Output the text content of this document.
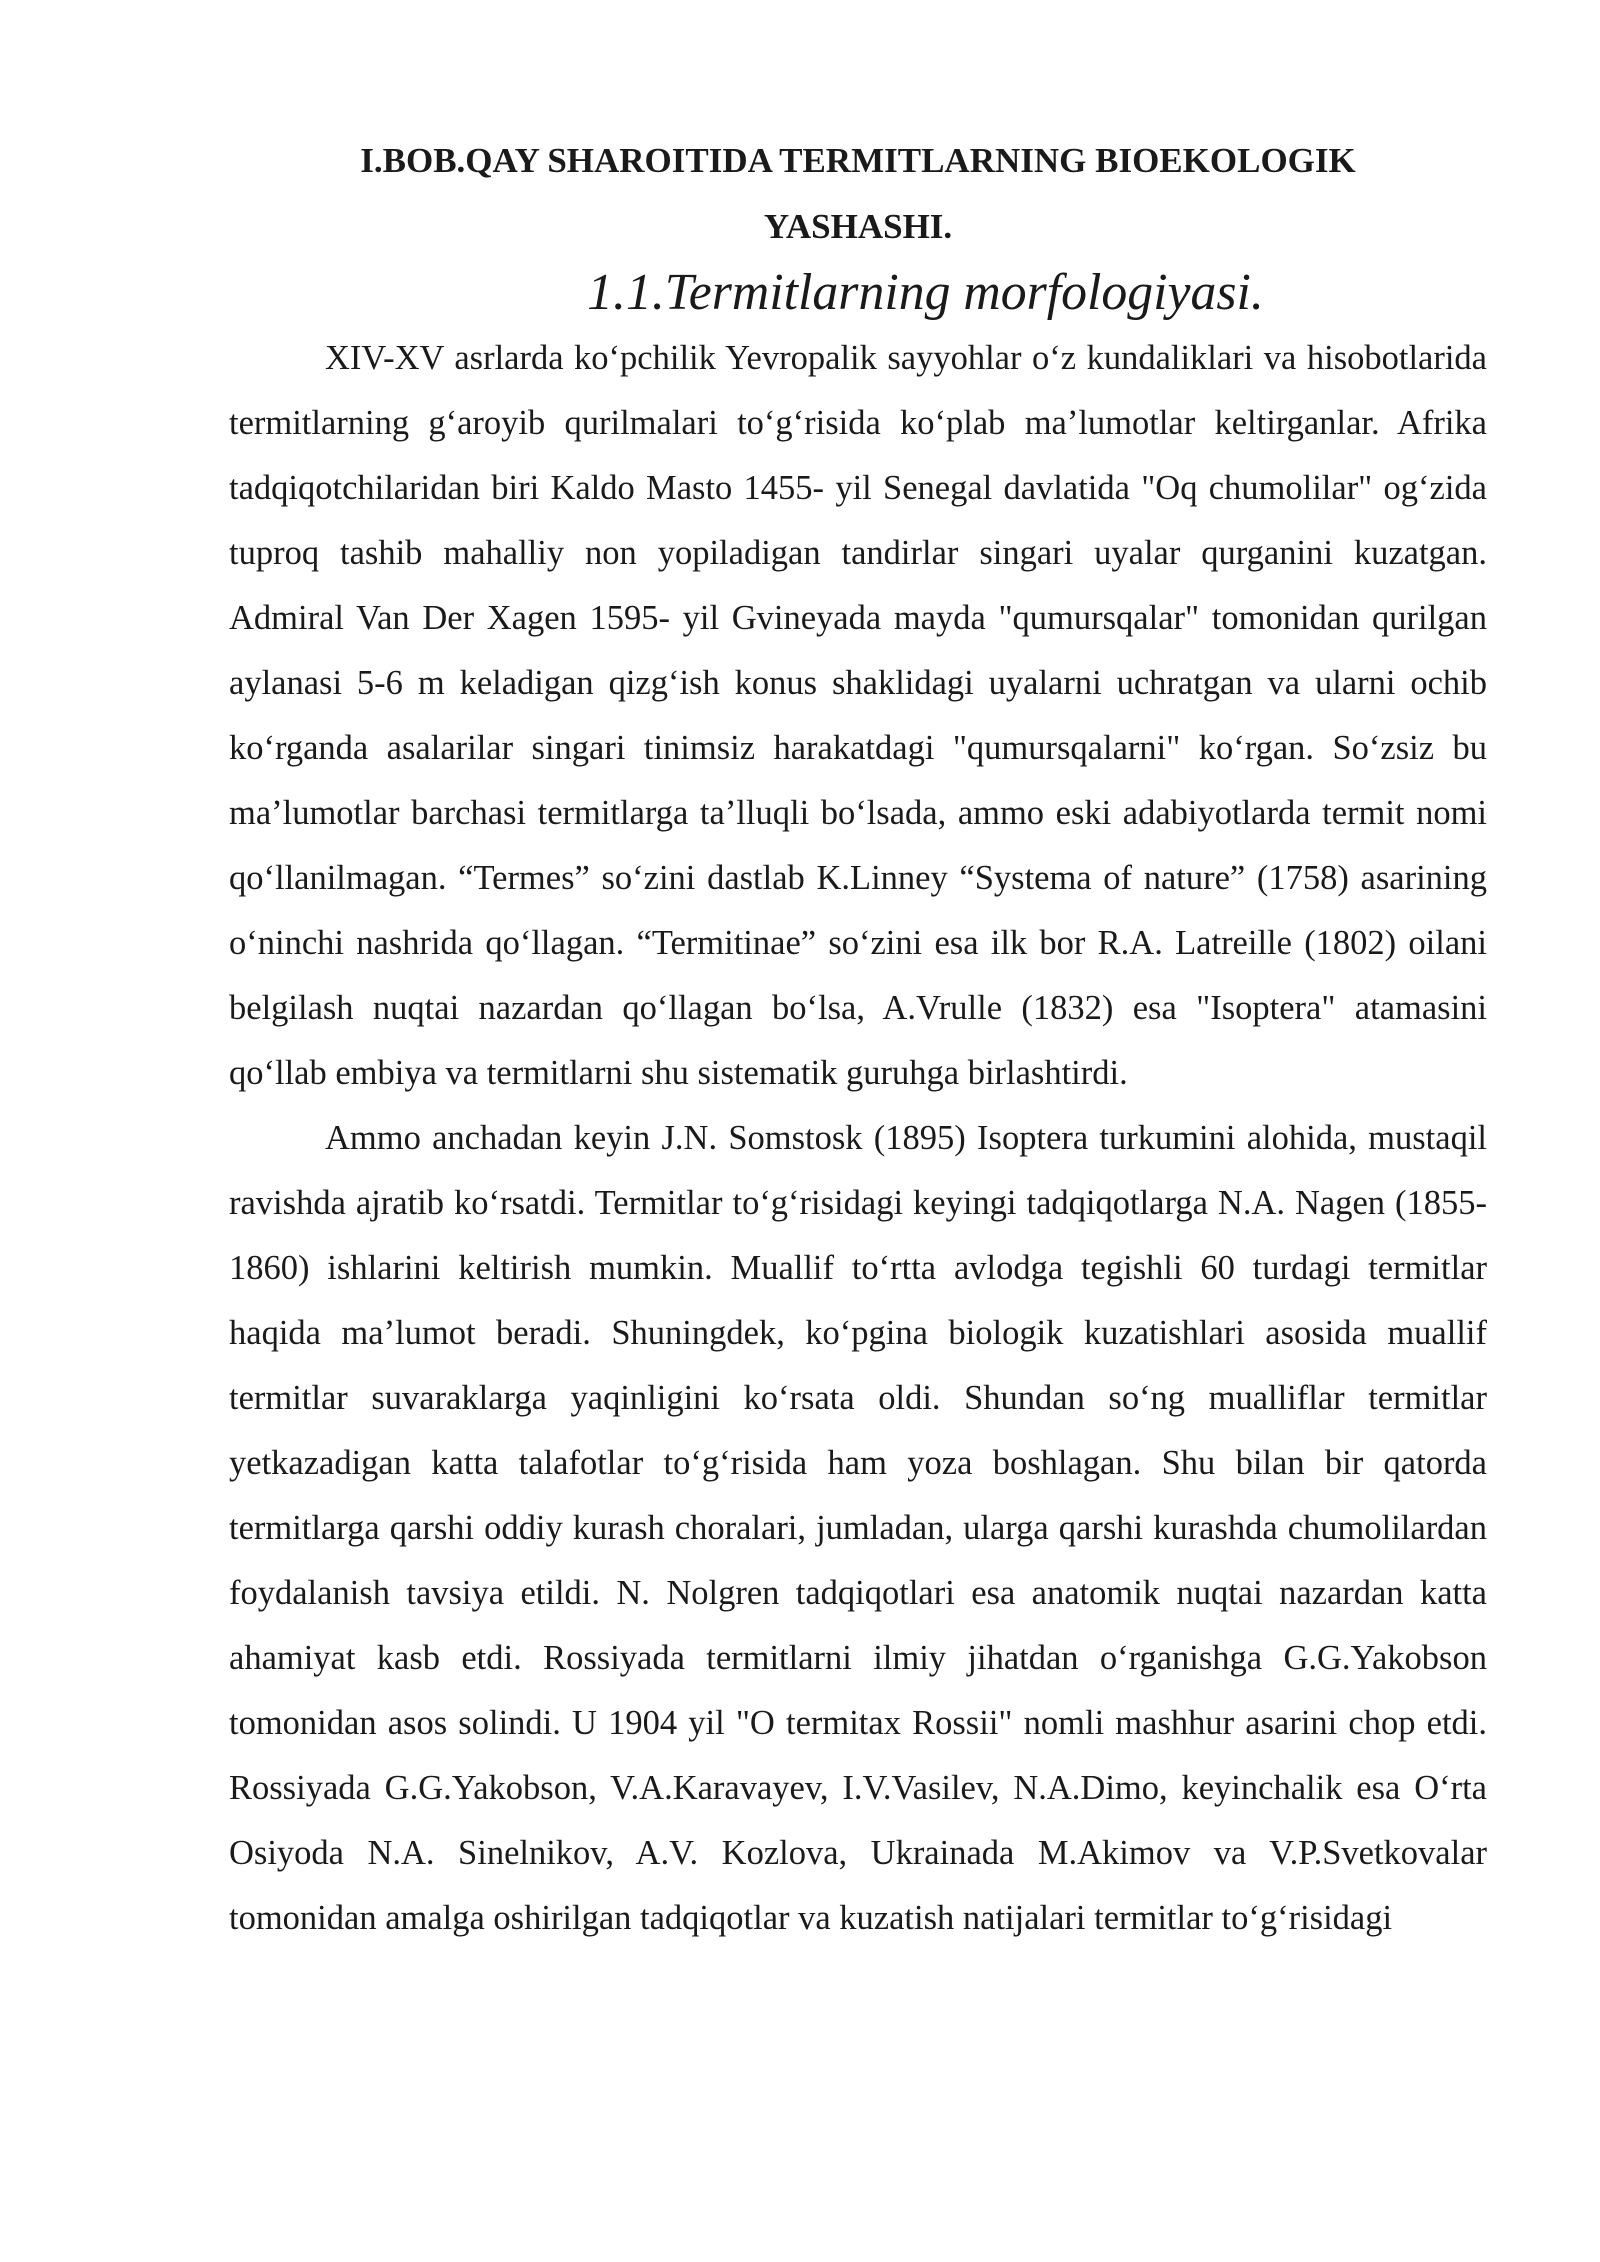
I.BOB.QAY SHAROITIDA TERMITLARNING BIOEKOLOGIK YASHASHI.
1.1.Termitlarning morfologiyasi.

XIV-XV asrlarda koʻpchilik Yevropalik sayyohlar oʻz kundaliklari va hisobotlarida termitlarning gʻaroyib qurilmalari toʻgʻrisida koʻplab maʼlumotlar keltirganlar. Afrika tadqiqotchilaridan biri Kaldo Masto 1455- yil Senegal davlatida "Oq chumolilar" ogʻzida tuproq tashib mahalliy non yopiladigan tandirlar singari uyalar qurganini kuzatgan. Admiral Van Der Xagen 1595- yil Gvineyada mayda "qumursqalar" tomonidan qurilgan aylanasi 5-6 m keladigan qizgʻish konus shaklidagi uyalarni uchratgan va ularni ochib koʻrganda asalarilar singari tinimsiz harakatdagi "qumursqalarni" koʻrgan. Soʻzsiz bu maʼlumotlar barchasi termitlarga taʼlluqli boʻlsada, ammo eski adabiyotlarda termit nomi qoʻllanilmagan. “Termes” soʻzini dastlab K.Linney “Systema of nature” (1758) asarining oʻninchi nashrida qoʻllagan. “Termitinae” soʻzini esa ilk bor R.A. Latreille (1802) oilani belgilash nuqtai nazardan qoʻllagan boʻlsa, A.Vrulle (1832) esa "Isoptera" atamasini qoʻllab embiya va termitlarni shu sistematik guruhga birlashtirdi.

Ammo anchadan keyin J.N. Somstosk (1895) Isoptera turkumini alohida, mustaqil ravishda ajratib koʻrsatdi. Termitlar toʻgʻrisidagi keyingi tadqiqotlarga N.A. Nagen (1855-1860) ishlarini keltirish mumkin. Muallif toʻrtta avlodga tegishli 60 turdagi termitlar haqida maʼlumot beradi. Shuningdek, koʻpgina biologik kuzatishlari asosida muallif termitlar suvaraklarga yaqinligini koʻrsata oldi. Shundan soʻng mualliflar termitlar yetkazadigan katta talafotlar toʻgʻrisida ham yoza boshlagan. Shu bilan bir qatorda termitlarga qarshi oddiy kurash choralari, jumladan, ularga qarshi kurashda chumolilardan foydalanish tavsiya etildi. N. Nolgren tadqiqotlari esa anatomik nuqtai nazardan katta ahamiyat kasb etdi. Rossiyada termitlarni ilmiy jihatdan oʻrganishga G.G.Yakobson tomonidan asos solindi. U 1904 yil "O termitax Rossii" nomli mashhur asarini chop etdi. Rossiyada G.G.Yakobson, V.A.Karavayev, I.V.Vasilev, N.A.Dimo, keyinchalik esa Oʻrta Osiyoda N.A. Sinelnikov, A.V. Kozlova, Ukrainada M.Akimov va V.P.Svetkovalar tomonidan amalga oshirilgan tadqiqotlar va kuzatish natijalari termitlar toʻgʻrisidagi
